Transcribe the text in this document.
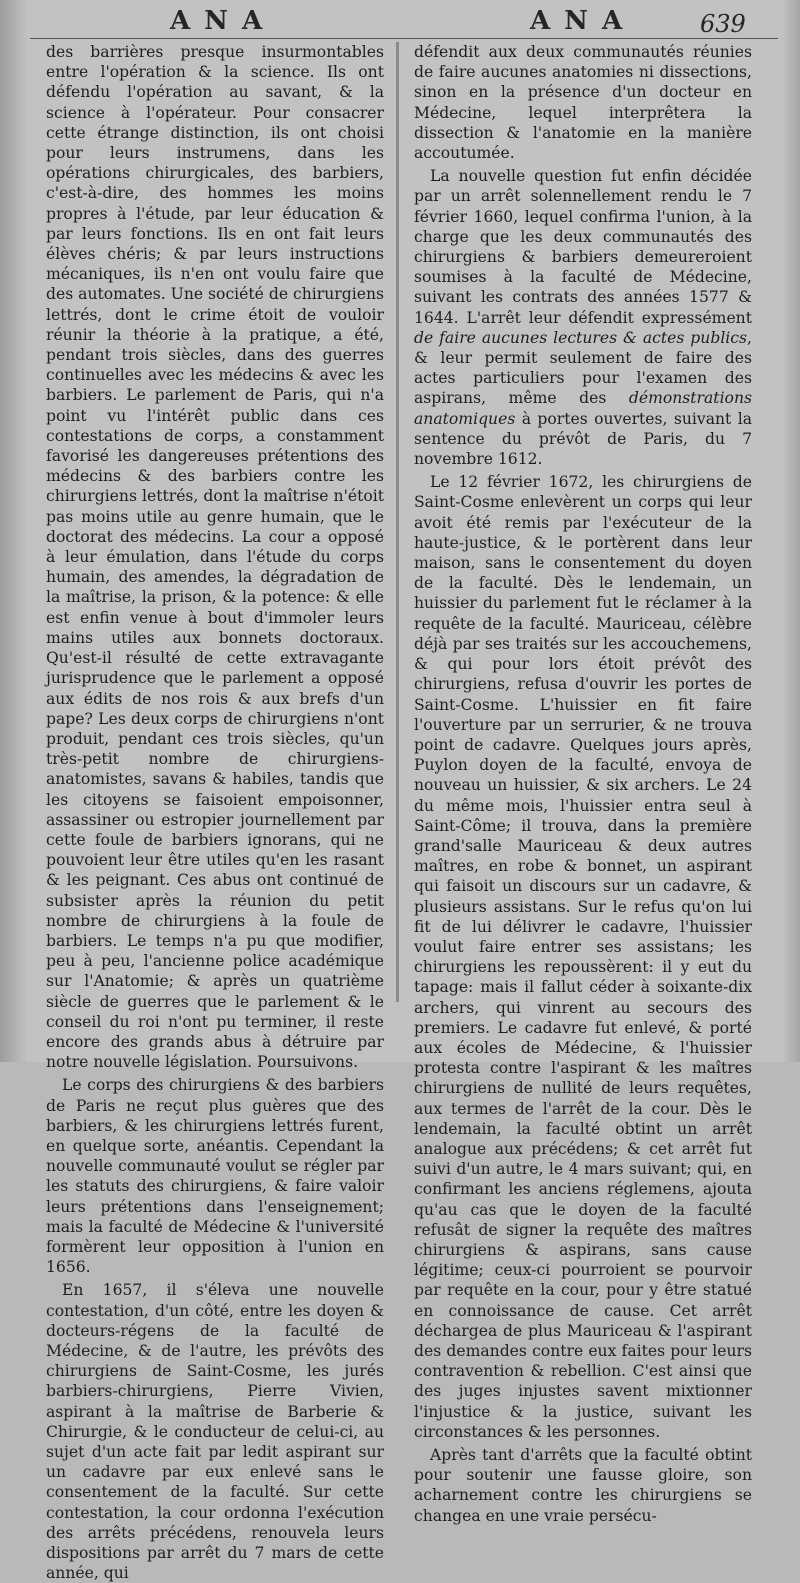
ANA	ANA	639

des barrières presque insurmontables entre l'opération & la science. Ils ont défendu l'opération au savant, & la science à l'opérateur. Pour consacrer cette étrange distinction, ils ont choisi pour leurs instrumens, dans les opérations chirurgicales, des barbiers, c'est-à-dire, des hommes les moins propres à l'étude, par leur éducation & par leurs fonctions. Ils en ont fait leurs élèves chéris; & par leurs instructions mécaniques, ils n'en ont voulu faire que des automates. Une société de chirurgiens lettrés, dont le crime étoit de vouloir réunir la théorie à la pratique, a été, pendant trois siècles, dans des guerres continuelles avec les médecins & avec les barbiers. Le parlement de Paris, qui n'a point vu l'intérêt public dans ces contestations de corps, a constamment favorisé les dangereuses prétentions des médecins & des barbiers contre les chirurgiens lettrés, dont la maîtrise n'étoit pas moins utile au genre humain, que le doctorat des médecins. La cour a opposé à leur émulation, dans l'étude du corps humain, des amendes, la dégradation de la maîtrise, la prison, & la potence: & elle est enfin venue à bout d'immoler leurs mains utiles aux bonnets doctoraux. Qu'est-il résulté de cette extravagante jurisprudence que le parlement a opposé aux édits de nos rois & aux brefs d'un pape? Les deux corps de chirurgiens n'ont produit, pendant ces trois siècles, qu'un très-petit nombre de chirurgiens-anatomistes, savans & habiles, tandis que les citoyens se faisoient empoisonner, assassiner ou estropier journellement par cette foule de barbiers ignorans, qui ne pouvoient leur être utiles qu'en les rasant & les peignant. Ces abus ont continué de subsister après la réunion du petit nombre de chirurgiens à la foule de barbiers. Le temps n'a pu que modifier, peu à peu, l'ancienne police académique sur l'Anatomie; & après un quatrième siècle de guerres que le parlement & le conseil du roi n'ont pu terminer, il reste encore des grands abus à détruire par notre nouvelle législation. Poursuivons.

Le corps des chirurgiens & des barbiers de Paris ne reçut plus guères que des barbiers, & les chirurgiens lettrés furent, en quelque sorte, anéantis. Cependant la nouvelle communauté voulut se régler par les statuts des chirurgiens, & faire valoir leurs prétentions dans l'enseignement; mais la faculté de Médecine & l'université formèrent leur opposition à l'union en 1656.

En 1657, il s'éleva une nouvelle contestation, d'un côté, entre les doyen & docteurs-régens de la faculté de Médecine, & de l'autre, les prévôts des chirurgiens de Saint-Cosme, les jurés barbiers-chirurgiens, Pierre Vivien, aspirant à la maîtrise de Barberie & Chirurgie, & le conducteur de celui-ci, au sujet d'un acte fait par ledit aspirant sur un cadavre par eux enlevé sans le consentement de la faculté. Sur cette contestation, la cour ordonna l'exécution des arrêts précédens, renouvela leurs dispositions par arrêt du 7 mars de cette année, qui

défendit aux deux communautés réunies de faire aucunes anatomies ni dissections, sinon en la présence d'un docteur en Médecine, lequel interprêtera la dissection & l'anatomie en la manière accoutumée.

La nouvelle question fut enfin décidée par un arrêt solennellement rendu le 7 février 1660, lequel confirma l'union, à la charge que les deux communautés des chirurgiens & barbiers demeureroient soumises à la faculté de Médecine, suivant les contrats des années 1577 & 1644. L'arrêt leur défendit expressément de faire aucunes lectures & actes publics, & leur permit seulement de faire des actes particuliers pour l'examen des aspirans, même des démonstrations anatomiques à portes ouvertes, suivant la sentence du prévôt de Paris, du 7 novembre 1612.

Le 12 février 1672, les chirurgiens de Saint-Cosme enlevèrent un corps qui leur avoit été remis par l'exécuteur de la haute-justice, & le portèrent dans leur maison, sans le consentement du doyen de la faculté. Dès le lendemain, un huissier du parlement fut le réclamer à la requête de la faculté. Mauriceau, célèbre déjà par ses traités sur les accouchemens, & qui pour lors étoit prévôt des chirurgiens, refusa d'ouvrir les portes de Saint-Cosme. L'huissier en fit faire l'ouverture par un serrurier, & ne trouva point de cadavre. Quelques jours après, Puylon doyen de la faculté, envoya de nouveau un huissier, & six archers. Le 24 du même mois, l'huissier entra seul à Saint-Côme; il trouva, dans la première grand'salle Mauriceau & deux autres maîtres, en robe & bonnet, un aspirant qui faisoit un discours sur un cadavre, & plusieurs assistans. Sur le refus qu'on lui fit de lui délivrer le cadavre, l'huissier voulut faire entrer ses assistans; les chirurgiens les repoussèrent: il y eut du tapage: mais il fallut céder à soixante-dix archers, qui vinrent au secours des premiers. Le cadavre fut enlevé, & porté aux écoles de Médecine, & l'huissier protesta contre l'aspirant & les maîtres chirurgiens de nullité de leurs requêtes, aux termes de l'arrêt de la cour. Dès le lendemain, la faculté obtint un arrêt analogue aux précédens; & cet arrêt fut suivi d'un autre, le 4 mars suivant; qui, en confirmant les anciens réglemens, ajouta qu'au cas que le doyen de la faculté refusât de signer la requête des maîtres chirurgiens & aspirans, sans cause légitime; ceux-ci pourroient se pourvoir par requête en la cour, pour y être statué en connoissance de cause. Cet arrêt déchargea de plus Mauriceau & l'aspirant des demandes contre eux faites pour leurs contravention & rebellion. C'est ainsi que des juges injustes savent mixtionner l'injustice & la justice, suivant les circonstances & les personnes.

Après tant d'arrêts que la faculté obtint pour soutenir une fausse gloire, son acharnement contre les chirurgiens se changea en une vraie persécu-
